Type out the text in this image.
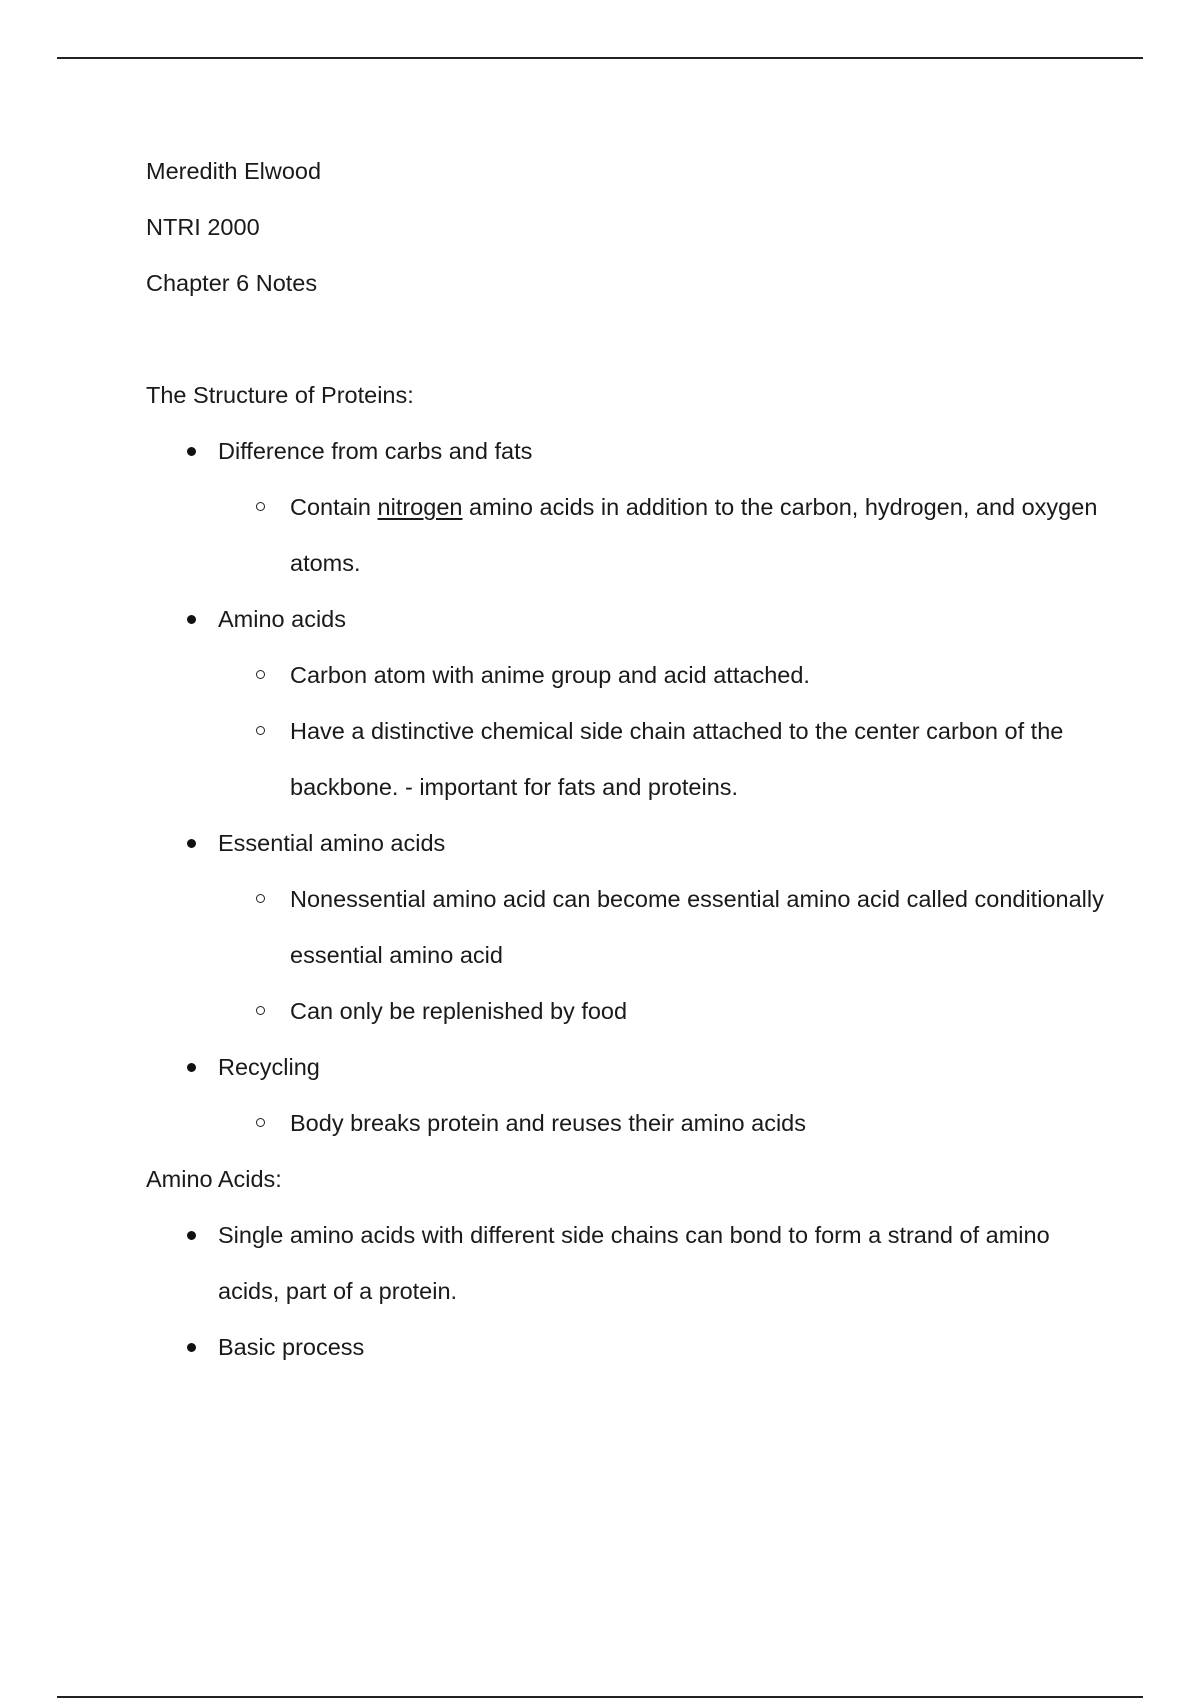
Meredith Elwood

NTRI 2000

Chapter 6 Notes

The Structure of Proteins:

Difference from carbs and fats
Contain nitrogen amino acids in addition to the carbon, hydrogen, and oxygen atoms.
Amino acids
Carbon atom with anime group and acid attached.
Have a distinctive chemical side chain attached to the center carbon of the backbone. - important for fats and proteins.
Essential amino acids
Nonessential amino acid can become essential amino acid called conditionally essential amino acid
Can only be replenished by food
Recycling
Body breaks protein and reuses their amino acids

Amino Acids:

Single amino acids with different side chains can bond to form a strand of amino acids, part of a protein.
Basic process
